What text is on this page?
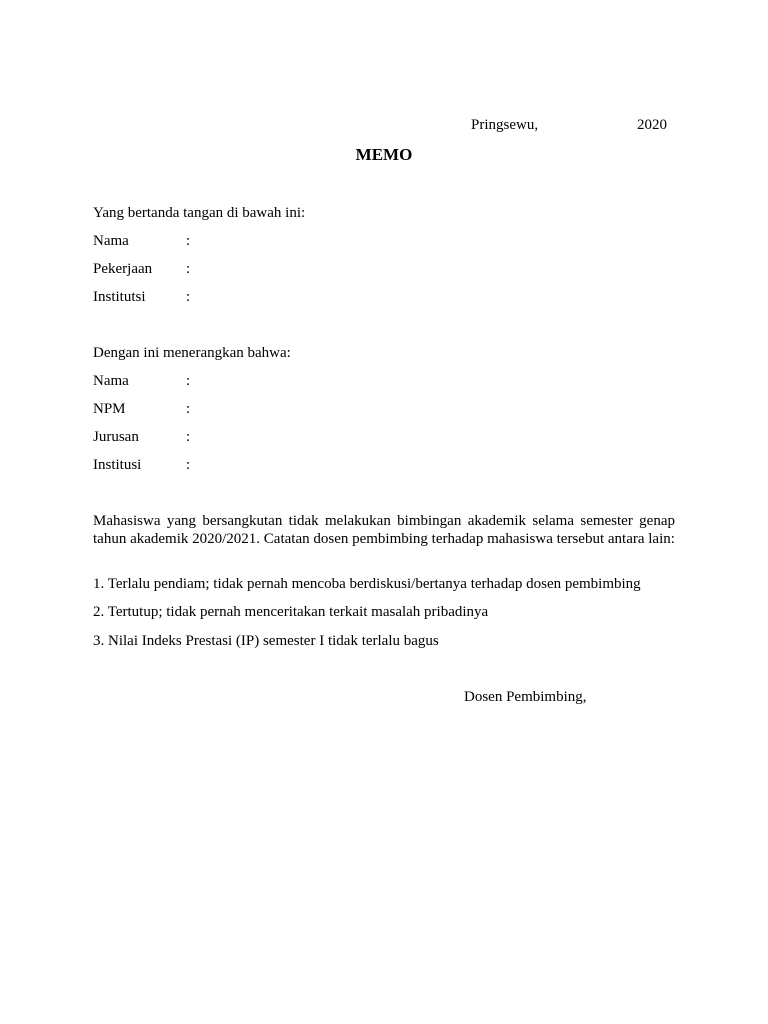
Pringsewu,	2020
MEMO
Yang bertanda tangan di bawah ini:
Nama	:
Pekerjaan :
Institutsi	:
Dengan ini menerangkan bahwa:
Nama	:
NPM	:
Jurusan	:
Institusi	:
Mahasiswa yang bersangkutan tidak melakukan bimbingan akademik selama semester genap tahun akademik 2020/2021. Catatan dosen pembimbing terhadap mahasiswa tersebut antara lain:
1. Terlalu pendiam; tidak pernah mencoba berdiskusi/bertanya terhadap dosen pembimbing
2. Tertutup; tidak pernah menceritakan terkait masalah pribadinya
3. Nilai Indeks Prestasi (IP) semester I tidak terlalu bagus
Dosen Pembimbing,
